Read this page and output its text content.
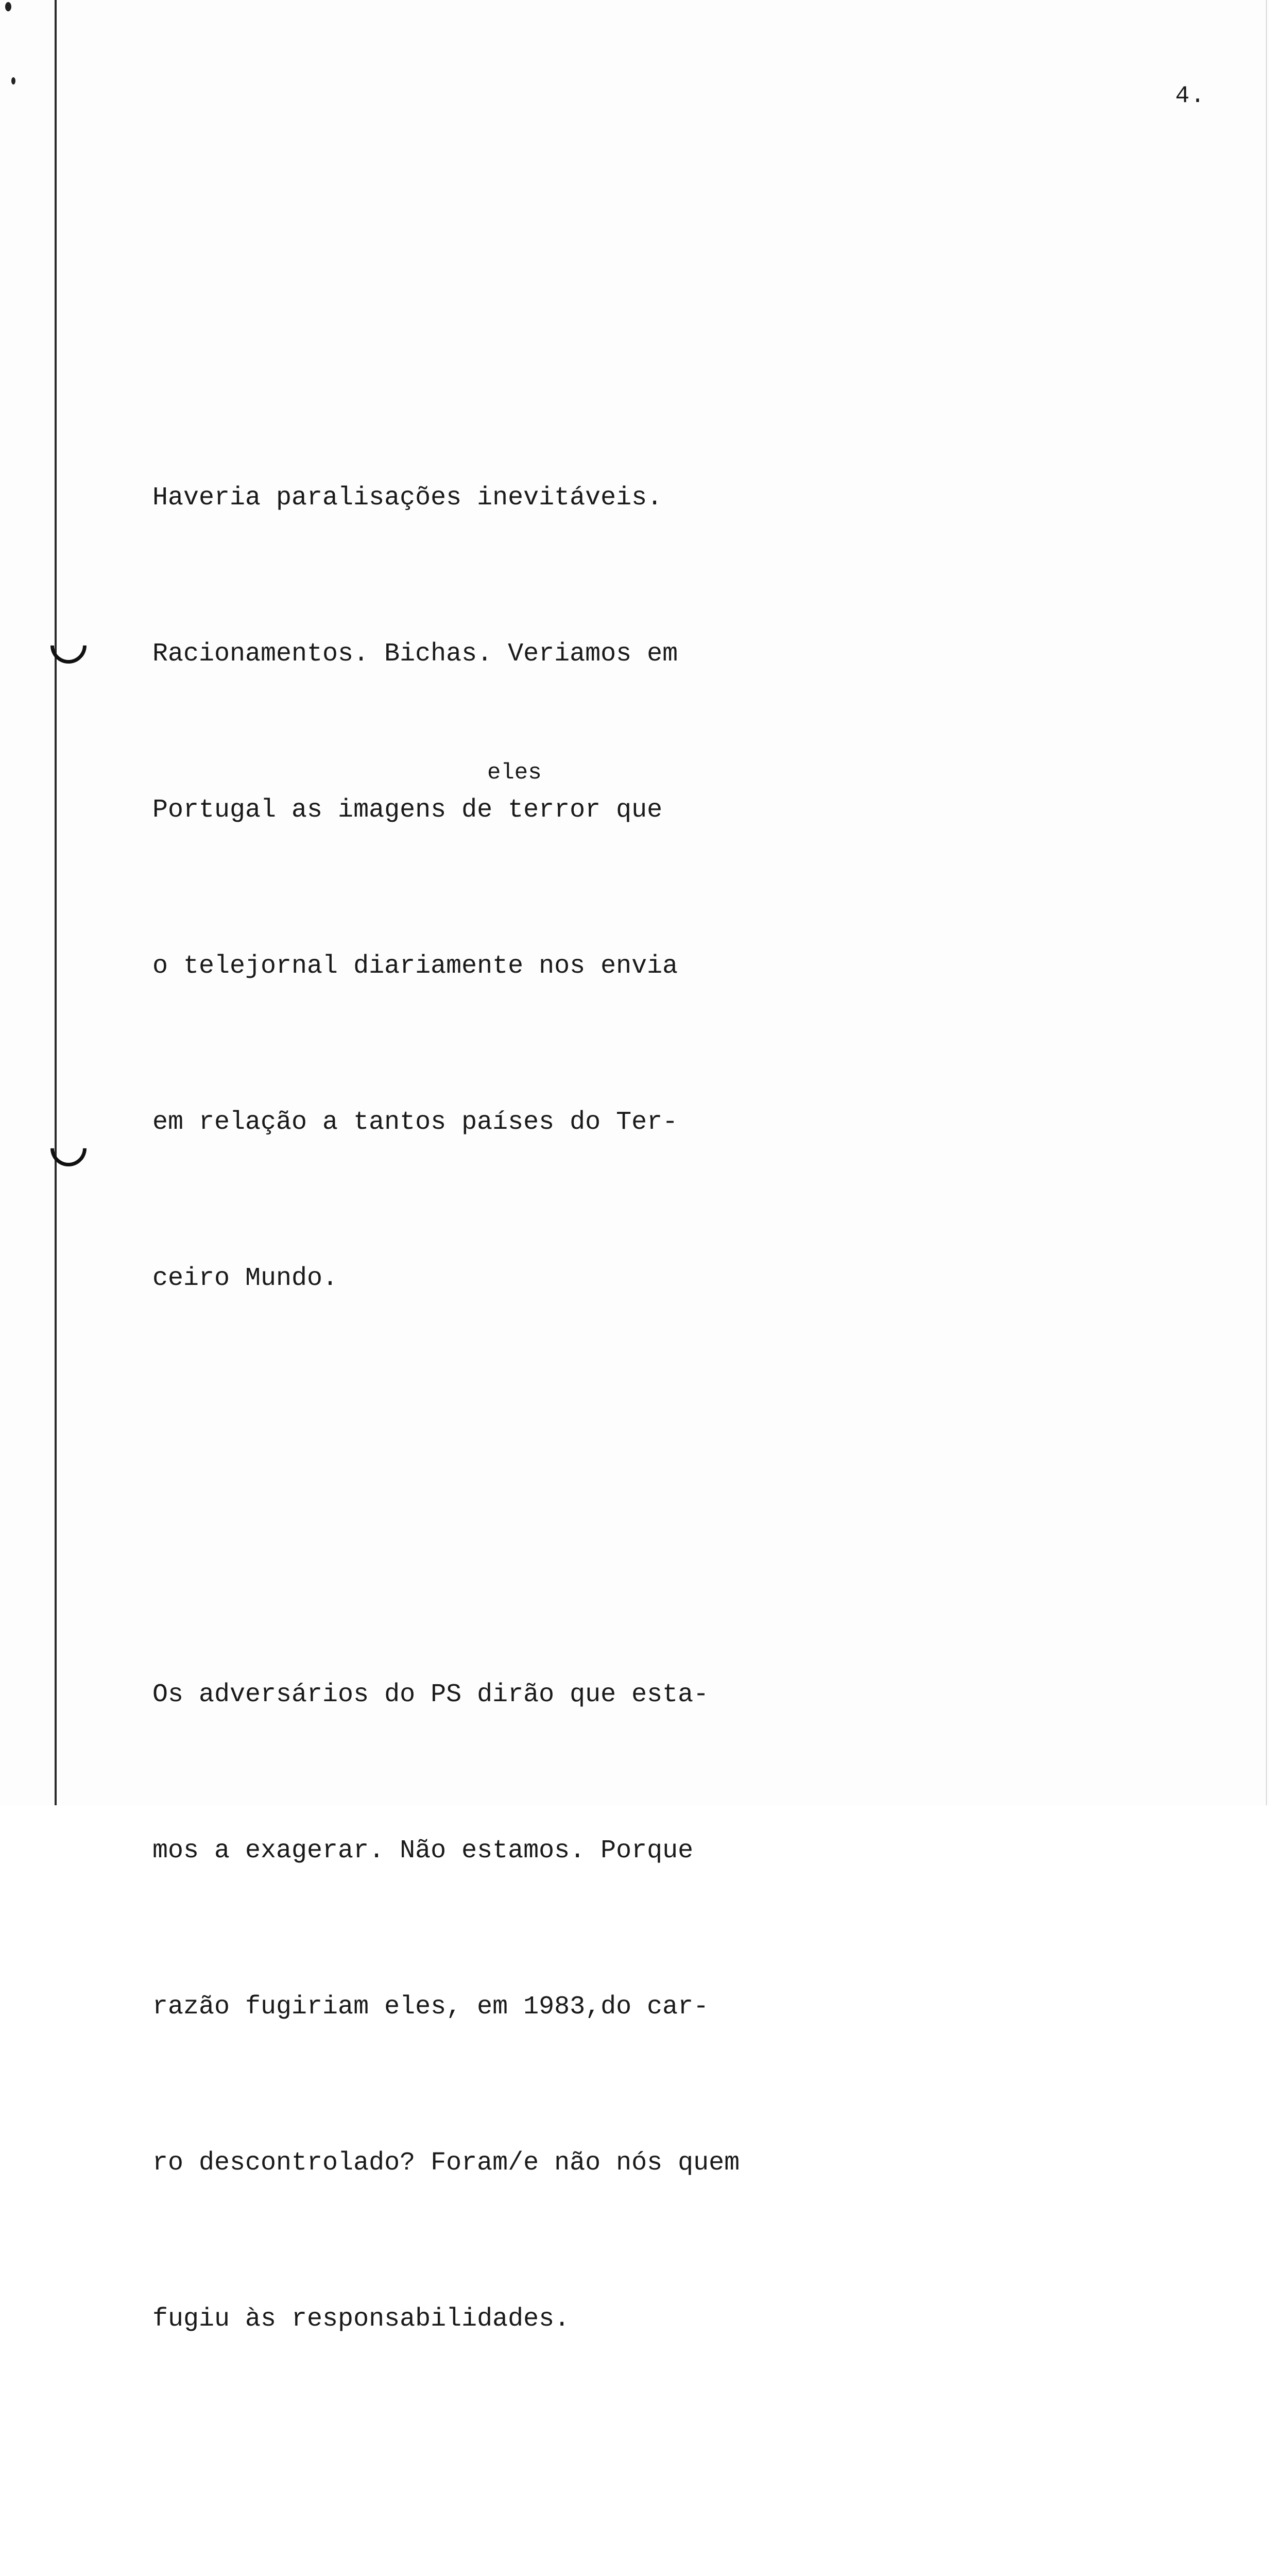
4.

Haveria paralisações inevitáveis.

Racionamentos. Bichas. Veriamos em

Portugal as imagens de terror que

o telejornal diariamente nos envia

em relação a tantos países do Ter-

ceiro Mundo.

Os adversários do PS dirão que esta-

mos a exagerar. Não estamos. Porque

razão fugiriam eles, em 1983,do car-

ro descontrolado? Foram/e não nós quem

fugiu às responsabilidades.

eles
